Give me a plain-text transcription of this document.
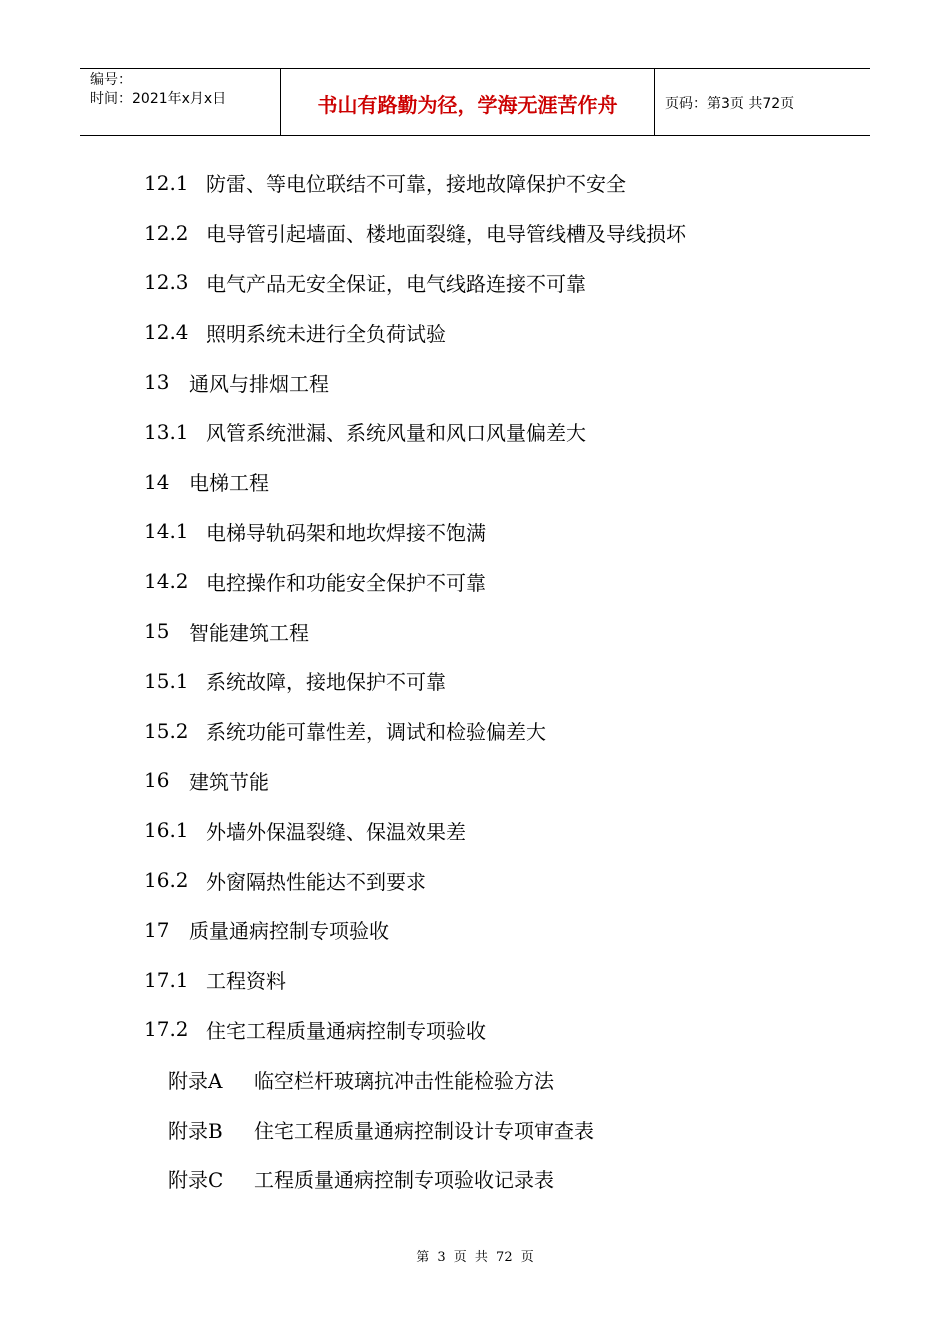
编号：
时间：2021年x月x日	书山有路勤为径，学海无涯苦作舟	页码：第3页 共72页
12.1 防雷、等电位联结不可靠，接地故障保护不安全
12.2 电导管引起墙面、楼地面裂缝，电导管线槽及导线损坏
12.3 电气产品无安全保证，电气线路连接不可靠
12.4 照明系统未进行全负荷试验
13 通风与排烟工程
13.1 风管系统泄漏、系统风量和风口风量偏差大
14 电梯工程
14.1 电梯导轨码架和地坎焊接不饱满
14.2 电控操作和功能安全保护不可靠
15 智能建筑工程
15.1 系统故障，接地保护不可靠
15.2 系统功能可靠性差，调试和检验偏差大
16 建筑节能
16.1 外墙外保温裂缝、保温效果差
16.2 外窗隔热性能达不到要求
17 质量通病控制专项验收
17.1 工程资料
17.2 住宅工程质量通病控制专项验收
附录A	临空栏杆玻璃抗冲击性能检验方法
附录B	住宅工程质量通病控制设计专项审查表
附录C	工程质量通病控制专项验收记录表
第 3 页 共 72 页
